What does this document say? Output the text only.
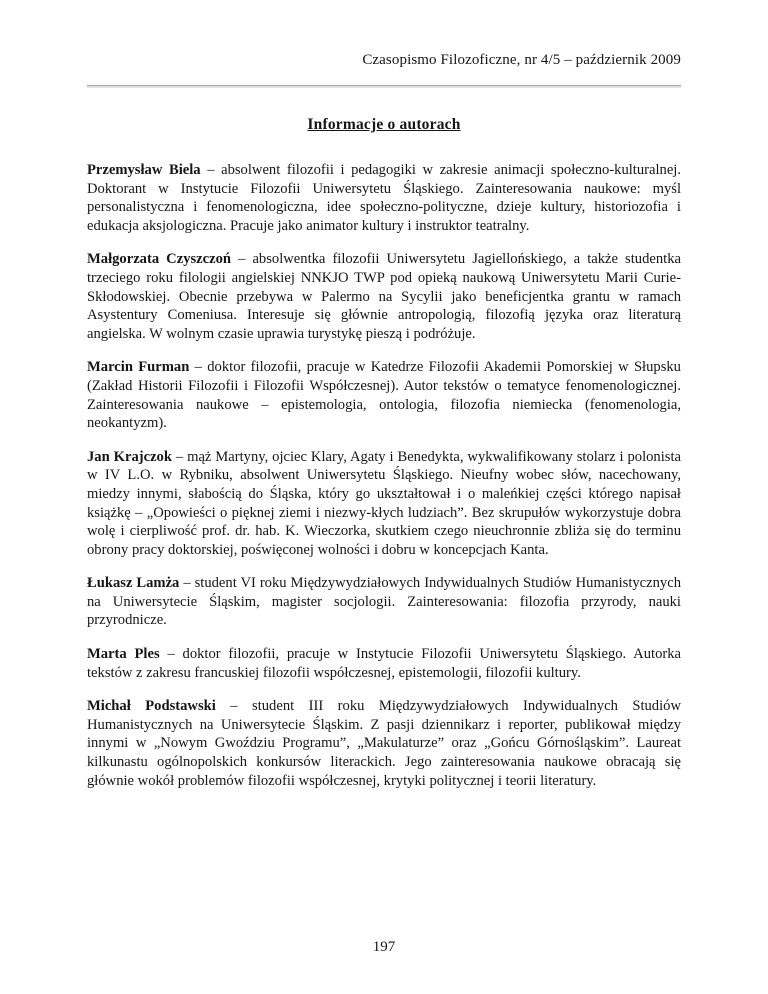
Czasopismo Filozoficzne, nr 4/5 – październik 2009
Informacje o autorach

Przemysław Biela – absolwent filozofii i pedagogiki w zakresie animacji społeczno-kulturalnej. Doktorant w Instytucie Filozofii Uniwersytetu Śląskiego. Zainteresowania naukowe: myśl personalistyczna i fenomenologiczna, idee społeczno-polityczne, dzieje kultury, historiozofia i edukacja aksjologiczna. Pracuje jako animator kultury i instruktor teatralny.

Małgorzata Czyszczoń – absolwentka filozofii Uniwersytetu Jagiellońskiego, a także studentka trzeciego roku filologii angielskiej NNKJO TWP pod opieką naukową Uniwersytetu Marii Curie-Skłodowskiej. Obecnie przebywa w Palermo na Sycylii jako beneficjentka grantu w ramach Asystentury Comeniusa. Interesuje się głównie antropologią, filozofią języka oraz literaturą angielska. W wolnym czasie uprawia turystykę pieszą i podróżuje.

Marcin Furman – doktor filozofii, pracuje w Katedrze Filozofii Akademii Pomorskiej w Słupsku (Zakład Historii Filozofii i Filozofii Współczesnej). Autor tekstów o tematyce fenomenologicznej. Zainteresowania naukowe – epistemologia, ontologia, filozofia niemiecka (fenomenologia, neokantyzm).

Jan Krajczok – mąż Martyny, ojciec Klary, Agaty i Benedykta, wykwalifikowany stolarz i polonista w IV L.O. w Rybniku, absolwent Uniwersytetu Śląskiego. Nieufny wobec słów, nacechowany, miedzy innymi, słabością do Śląska, który go ukształtował i o maleńkiej części którego napisał książkę – „Opowieści o pięknej ziemi i niezwy-kłych ludziach”. Bez skrupułów wykorzystuje dobra wolę i cierpliwość prof. dr. hab. K. Wieczorka, skutkiem czego nieuchronnie zbliża się do terminu obrony pracy doktorskiej, poświęconej wolności i dobru w koncepcjach Kanta.

Łukasz Lamża – student VI roku Międzywydziałowych Indywidualnych Studiów Humanistycznych na Uniwersytecie Śląskim, magister socjologii. Zainteresowania: filozofia przyrody, nauki przyrodnicze.

Marta Ples – doktor filozofii, pracuje w Instytucie Filozofii Uniwersytetu Śląskiego. Autorka tekstów z zakresu francuskiej filozofii współczesnej, epistemologii, filozofii kultury.

Michał Podstawski – student III roku Międzywydziałowych Indywidualnych Studiów Humanistycznych na Uniwersytecie Śląskim. Z pasji dziennikarz i reporter, publikował między innymi w „Nowym Gwoździu Programu”, „Makulaturze” oraz „Gońcu Górnośląskim”. Laureat kilkunastu ogólnopolskich konkursów literackich. Jego zainteresowania naukowe obracają się głównie wokół problemów filozofii współczesnej, krytyki politycznej i teorii literatury.

197
